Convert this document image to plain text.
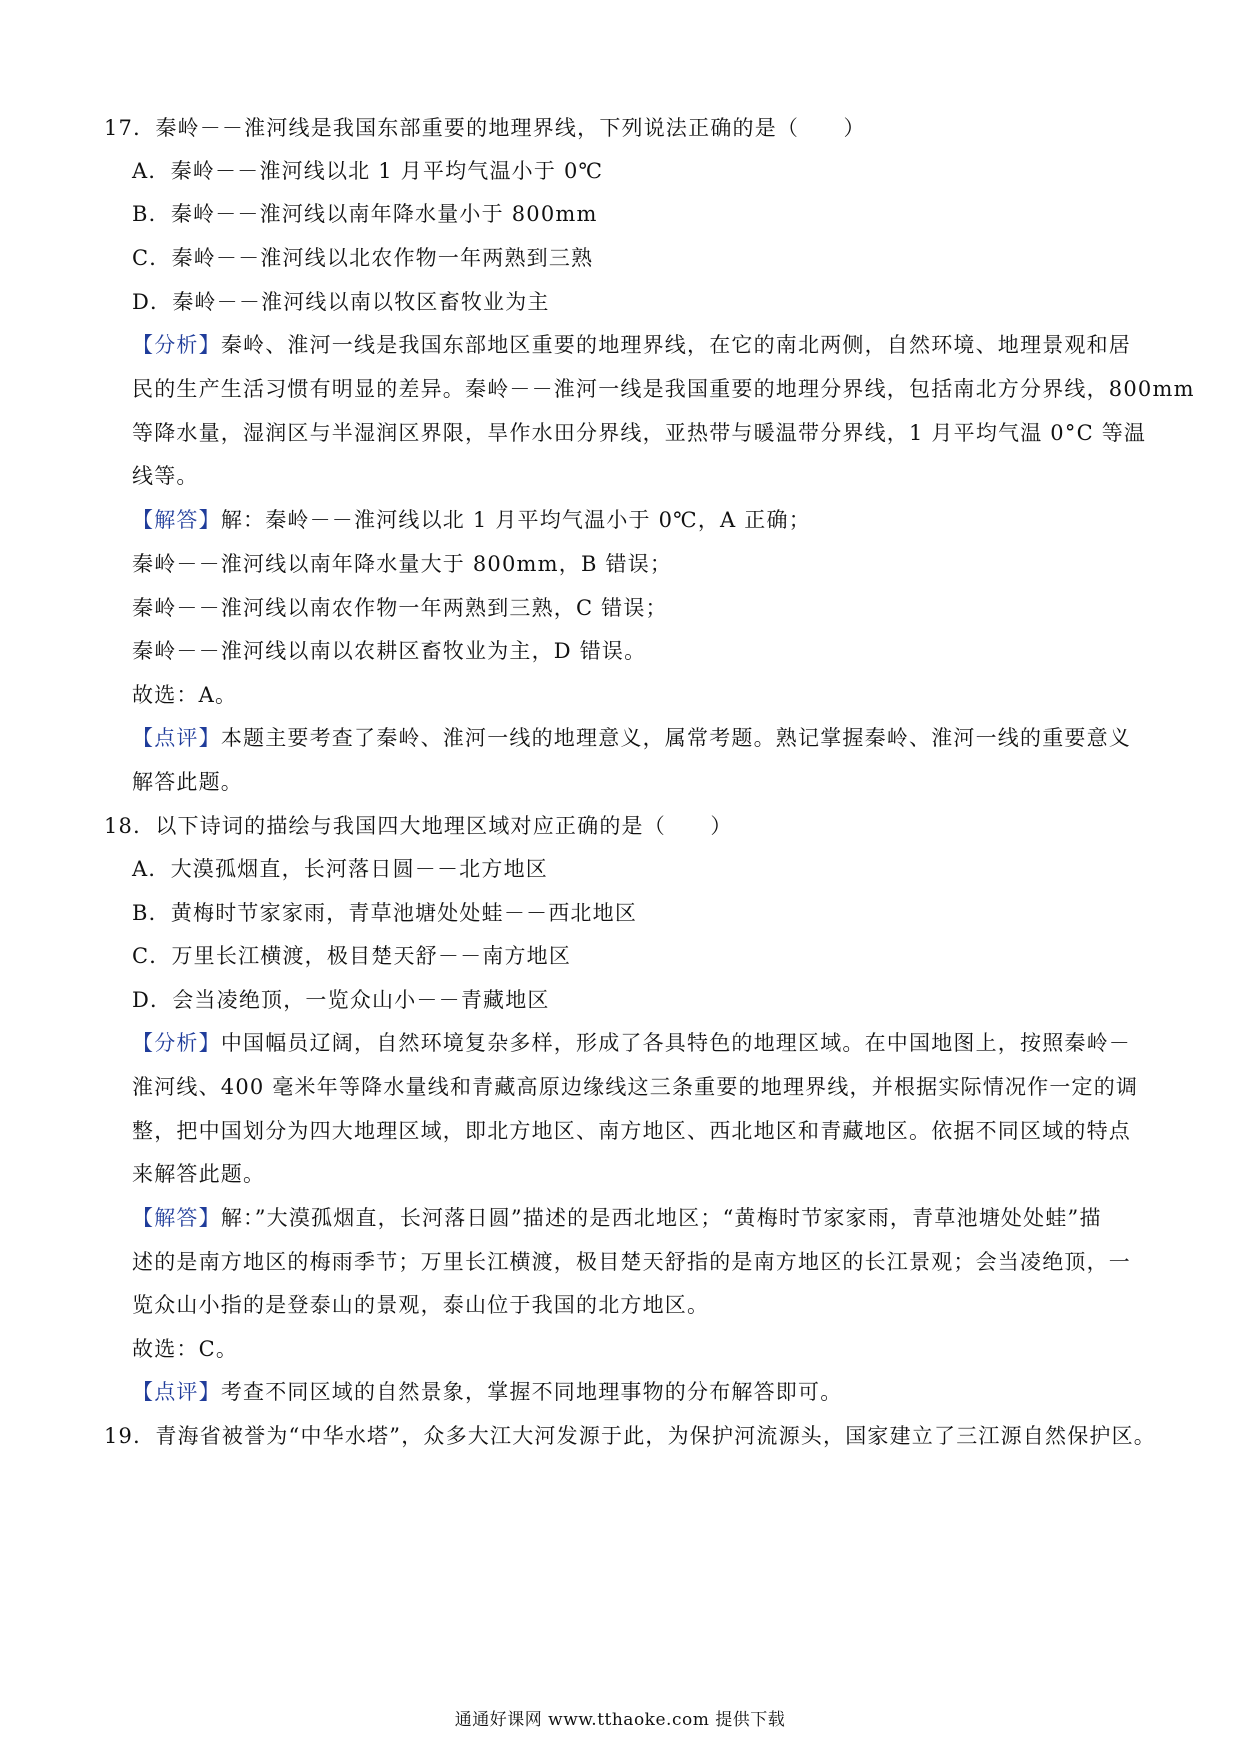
17．秦岭－－淮河线是我国东部重要的地理界线，下列说法正确的是（　　）
A．秦岭－－淮河线以北 1 月平均气温小于 0℃
B．秦岭－－淮河线以南年降水量小于 800mm
C．秦岭－－淮河线以北农作物一年两熟到三熟
D．秦岭－－淮河线以南以牧区畜牧业为主
【分析】秦岭、淮河一线是我国东部地区重要的地理界线，在它的南北两侧，自然环境、地理景观和居
民的生产生活习惯有明显的差异。秦岭－－淮河一线是我国重要的地理分界线，包括南北方分界线，800mm
等降水量，湿润区与半湿润区界限，旱作水田分界线，亚热带与暖温带分界线，1 月平均气温 0°C 等温
线等。
【解答】解：秦岭－－淮河线以北 1 月平均气温小于 0℃，A 正确；
秦岭－－淮河线以南年降水量大于 800mm，B 错误；
秦岭－－淮河线以南农作物一年两熟到三熟，C 错误；
秦岭－－淮河线以南以农耕区畜牧业为主，D 错误。
故选：A。
【点评】本题主要考查了秦岭、淮河一线的地理意义，属常考题。熟记掌握秦岭、淮河一线的重要意义
解答此题。
18．以下诗词的描绘与我国四大地理区域对应正确的是（　　）
A．大漠孤烟直，长河落日圆－－北方地区
B．黄梅时节家家雨，青草池塘处处蛙－－西北地区
C．万里长江横渡，极目楚天舒－－南方地区
D．会当凌绝顶，一览众山小－－青藏地区
【分析】中国幅员辽阔，自然环境复杂多样，形成了各具特色的地理区域。在中国地图上，按照秦岭－
淮河线、400 毫米年等降水量线和青藏高原边缘线这三条重要的地理界线，并根据实际情况作一定的调
整，把中国划分为四大地理区域，即北方地区、南方地区、西北地区和青藏地区。依据不同区域的特点
来解答此题。
【解答】解：”大漠孤烟直，长河落日圆”描述的是西北地区；“黄梅时节家家雨，青草池塘处处蛙”描
述的是南方地区的梅雨季节；万里长江横渡，极目楚天舒指的是南方地区的长江景观；会当凌绝顶，一
览众山小指的是登泰山的景观，泰山位于我国的北方地区。
故选：C。
【点评】考查不同区域的自然景象，掌握不同地理事物的分布解答即可。
19．青海省被誉为“中华水塔”，众多大江大河发源于此，为保护河流源头，国家建立了三江源自然保护区。
通通好课网 www.tthaoke.com 提供下载
